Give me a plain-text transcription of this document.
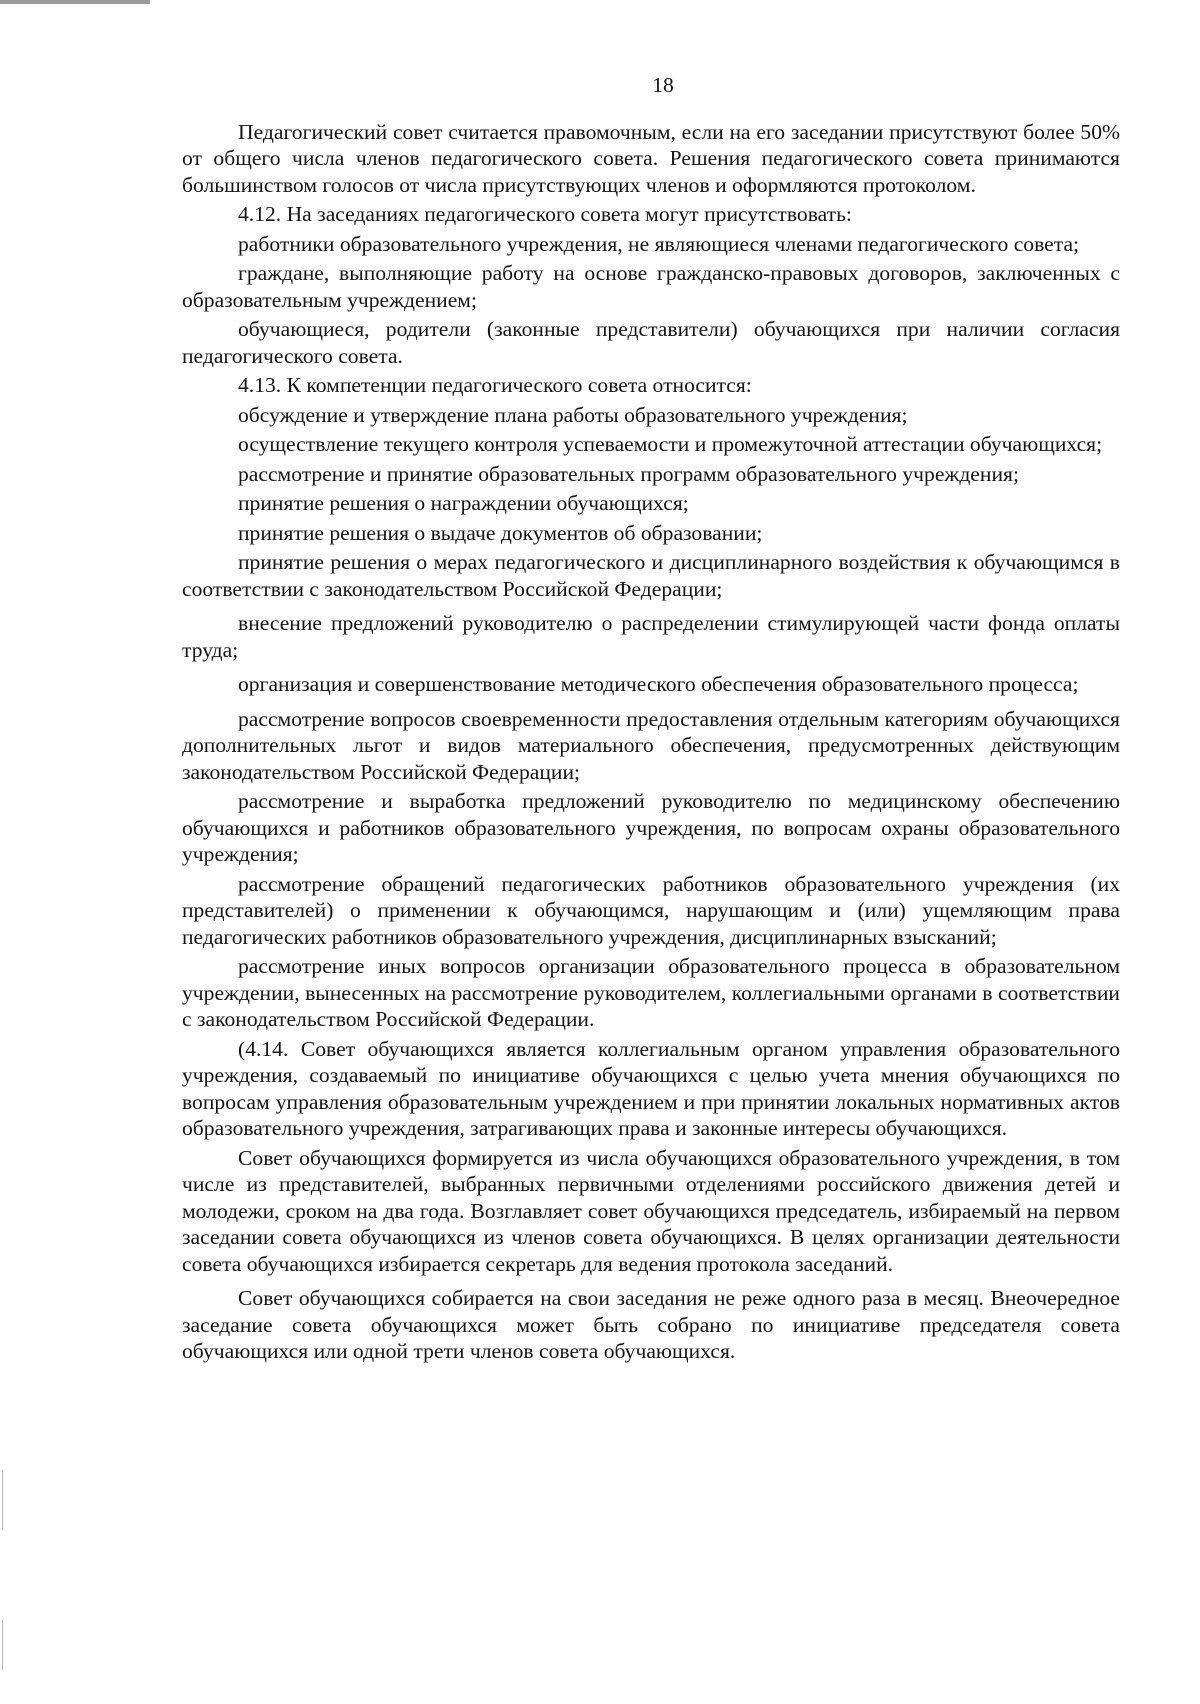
18

Педагогический совет считается правомочным, если на его заседании присутствуют более 50% от общего числа членов педагогического совета. Решения педагогического совета принимаются большинством голосов от числа присутствующих членов и оформляются протоколом.

4.12. На заседаниях педагогического совета могут присутствовать:

работники образовательного учреждения, не являющиеся членами педагогического совета;

граждане, выполняющие работу на основе гражданско-правовых договоров, заключенных с образовательным учреждением;

обучающиеся, родители (законные представители) обучающихся при наличии согласия педагогического совета.

4.13. К компетенции педагогического совета относится:

обсуждение и утверждение плана работы образовательного учреждения;

осуществление текущего контроля успеваемости и промежуточной аттестации обучающихся;

рассмотрение и принятие образовательных программ образовательного учреждения;

принятие решения о награждении обучающихся;

принятие решения о выдаче документов об образовании;

принятие решения о мерах педагогического и дисциплинарного воздействия к обучающимся в соответствии с законодательством Российской Федерации;

внесение предложений руководителю о распределении стимулирующей части фонда оплаты труда;

организация и совершенствование методического обеспечения образовательного процесса;

рассмотрение вопросов своевременности предоставления отдельным категориям обучающихся дополнительных льгот и видов материального обеспечения, предусмотренных действующим законодательством Российской Федерации;

рассмотрение и выработка предложений руководителю по медицинскому обеспечению обучающихся и работников образовательного учреждения, по вопросам охраны образовательного учреждения;

рассмотрение обращений педагогических работников образовательного учреждения (их представителей) о применении к обучающимся, нарушающим и (или) ущемляющим права педагогических работников образовательного учреждения, дисциплинарных взысканий;

рассмотрение иных вопросов организации образовательного процесса в образовательном учреждении, вынесенных на рассмотрение руководителем, коллегиальными органами в соответствии с законодательством Российской Федерации.

(4.14. Совет обучающихся является коллегиальным органом управления образовательного учреждения, создаваемый по инициативе обучающихся с целью учета мнения обучающихся по вопросам управления образовательным учреждением и при принятии локальных нормативных актов образовательного учреждения, затрагивающих права и законные интересы обучающихся.

Совет обучающихся формируется из числа обучающихся образовательного учреждения, в том числе из представителей, выбранных первичными отделениями российского движения детей и молодежи, сроком на два года. Возглавляет совет обучающихся председатель, избираемый на первом заседании совета обучающихся из членов совета обучающихся. В целях организации деятельности совета обучающихся избирается секретарь для ведения протокола заседаний.

Совет обучающихся собирается на свои заседания не реже одного раза в месяц. Внеочередное заседание совета обучающихся может быть собрано по инициативе председателя совета обучающихся или одной трети членов совета обучающихся.
